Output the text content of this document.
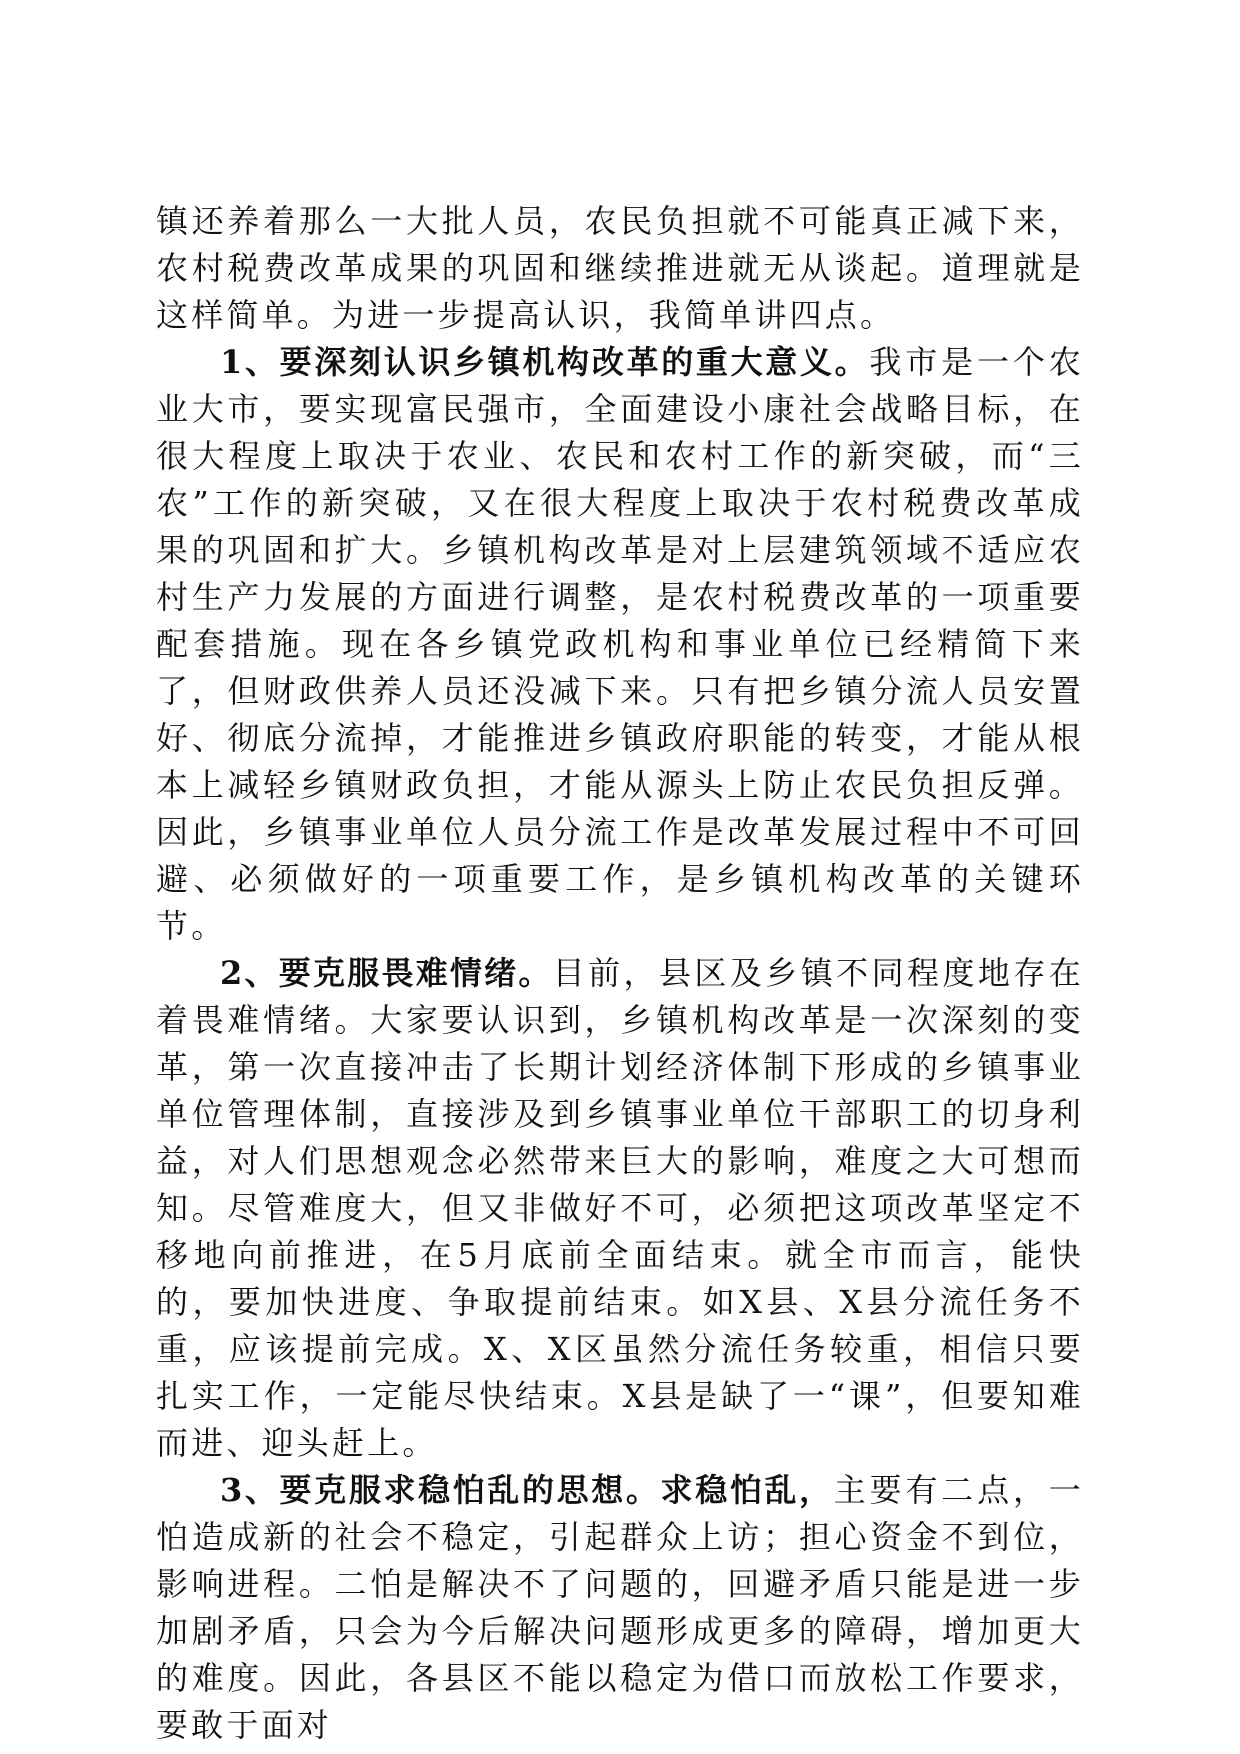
镇还养着那么一大批人员，农民负担就不可能真正减下来，农村税费改革成果的巩固和继续推进就无从谈起。道理就是这样简单。为进一步提高认识，我简单讲四点。

1、要深刻认识乡镇机构改革的重大意义。我市是一个农业大市，要实现富民强市，全面建设小康社会战略目标，在很大程度上取决于农业、农民和农村工作的新突破，而“三农”工作的新突破，又在很大程度上取决于农村税费改革成果的巩固和扩大。乡镇机构改革是对上层建筑领域不适应农村生产力发展的方面进行调整，是农村税费改革的一项重要配套措施。现在各乡镇党政机构和事业单位已经精简下来了，但财政供养人员还没减下来。只有把乡镇分流人员安置好、彻底分流掉，才能推进乡镇政府职能的转变，才能从根本上减轻乡镇财政负担，才能从源头上防止农民负担反弹。因此，乡镇事业单位人员分流工作是改革发展过程中不可回避、必须做好的一项重要工作，是乡镇机构改革的关键环节。

2、要克服畏难情绪。目前，县区及乡镇不同程度地存在着畏难情绪。大家要认识到，乡镇机构改革是一次深刻的变革，第一次直接冲击了长期计划经济体制下形成的乡镇事业单位管理体制，直接涉及到乡镇事业单位干部职工的切身利益，对人们思想观念必然带来巨大的影响，难度之大可想而知。尽管难度大，但又非做好不可，必须把这项改革坚定不移地向前推进，在5月底前全面结束。就全市而言，能快的，要加快进度、争取提前结束。如X县、X县分流任务不重，应该提前完成。X、X区虽然分流任务较重，相信只要扎实工作，一定能尽快结束。X县是缺了一“课”，但要知难而进、迎头赶上。

3、要克服求稳怕乱的思想。求稳怕乱，主要有二点，一怕造成新的社会不稳定，引起群众上访；担心资金不到位，影响进程。二怕是解决不了问题的，回避矛盾只能是进一步加剧矛盾，只会为今后解决问题形成更多的障碍，增加更大的难度。因此，各县区不能以稳定为借口而放松工作要求，要敢于面对
